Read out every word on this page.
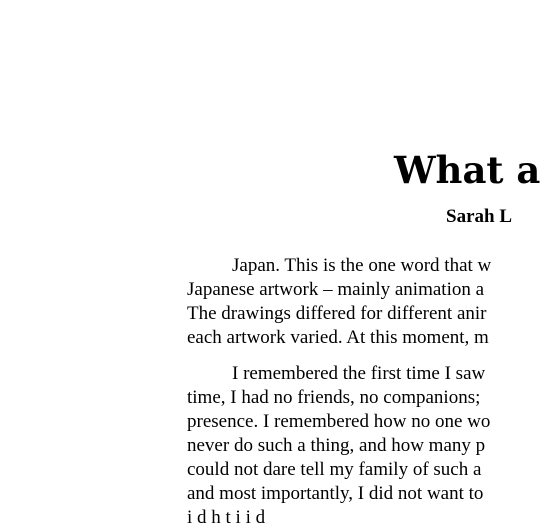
What a
Sarah L
Japan. This is the one word that w
Japanese artwork – mainly animation a
The drawings differed for different anir
each artwork varied. At this moment, m
I remembered the first time I saw
time, I had no friends, no companions;
presence. I remembered how no one wo
never do such a thing, and how many p
could not dare tell my family of such a
and most importantly, I did not want to
i d h t i i d
